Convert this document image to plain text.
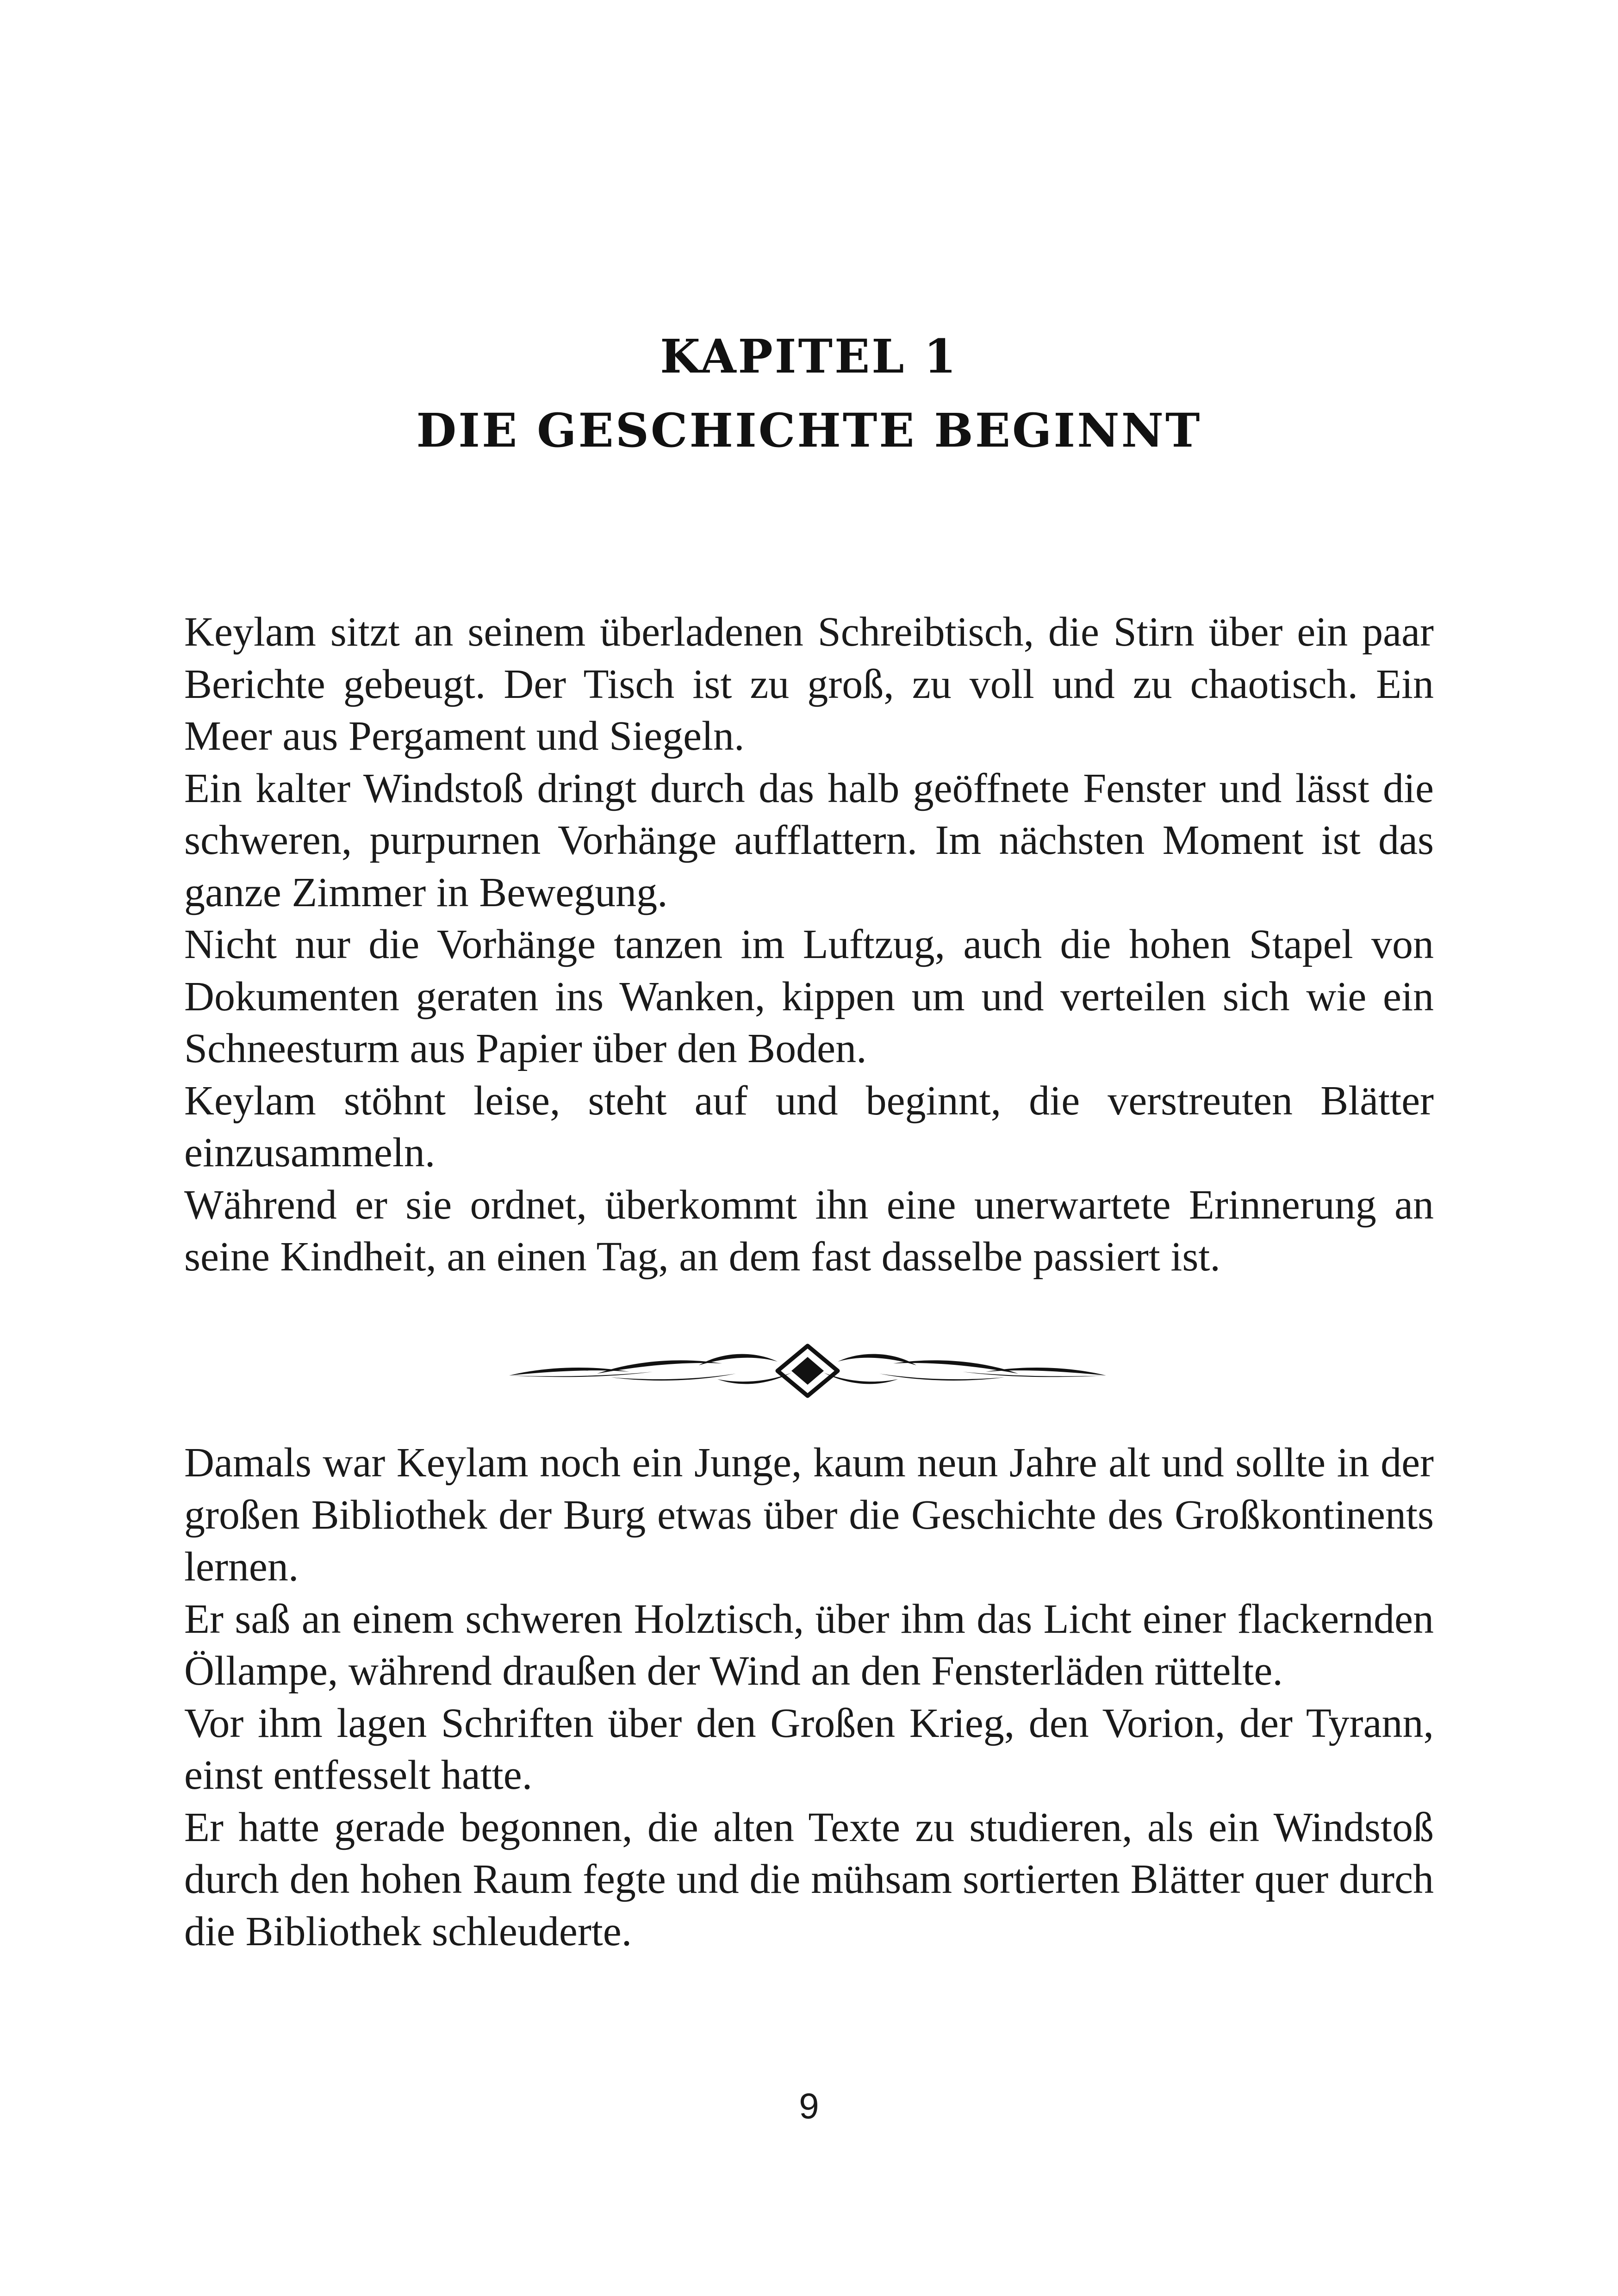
KAPITEL 1
DIE GESCHICHTE BEGINNT

Keylam sitzt an seinem überladenen Schreibtisch, die Stirn über ein paar Berichte gebeugt. Der Tisch ist zu groß, zu voll und zu chaotisch. Ein Meer aus Pergament und Siegeln.

Ein kalter Windstoß dringt durch das halb geöffnete Fenster und lässt die schweren, purpurnen Vorhänge aufflattern. Im nächsten Moment ist das ganze Zimmer in Bewegung.

Nicht nur die Vorhänge tanzen im Luftzug, auch die hohen Stapel von Dokumenten geraten ins Wanken, kippen um und verteilen sich wie ein Schneesturm aus Papier über den Boden.

Keylam stöhnt leise, steht auf und beginnt, die verstreuten Blätter einzusammeln.

Während er sie ordnet, überkommt ihn eine unerwartete Erinnerung an seine Kindheit, an einen Tag, an dem fast dasselbe passiert ist.

Damals war Keylam noch ein Junge, kaum neun Jahre alt und sollte in der großen Bibliothek der Burg etwas über die Geschichte des Großkontinents lernen.

Er saß an einem schweren Holztisch, über ihm das Licht einer flackernden Öllampe, während draußen der Wind an den Fensterläden rüttelte.

Vor ihm lagen Schriften über den Großen Krieg, den Vorion, der Tyrann, einst entfesselt hatte.

Er hatte gerade begonnen, die alten Texte zu studieren, als ein Windstoß durch den hohen Raum fegte und die mühsam sortierten Blätter quer durch die Bibliothek schleuderte.

9
